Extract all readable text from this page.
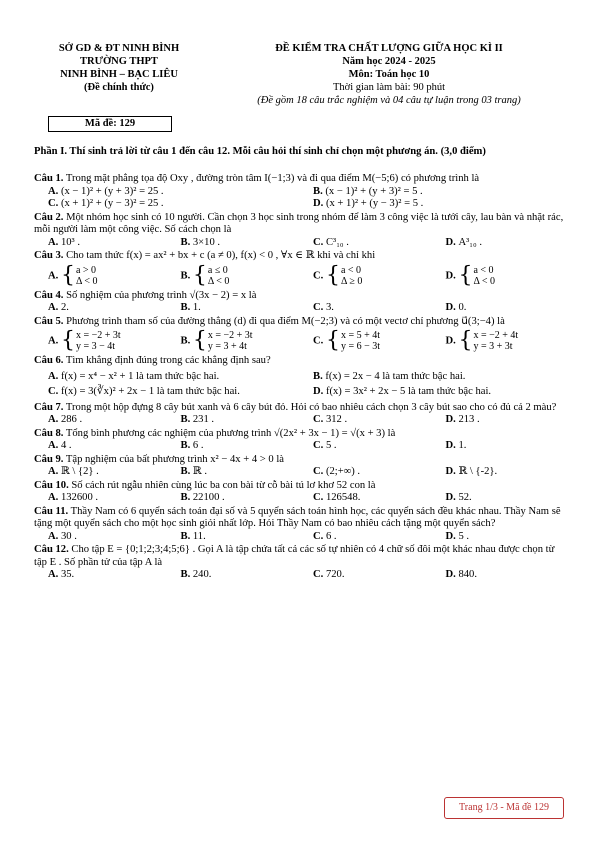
SỞ GD & ĐT NINH BÌNH
TRƯỜNG THPT
NINH BÌNH – BẠC LIÊU
(Đề chính thức)
ĐỀ KIỂM TRA CHẤT LƯỢNG GIỮA HỌC KÌ II
Năm học 2024 - 2025
Môn: Toán học 10
Thời gian làm bài: 90 phút
(Đề gồm 18 câu trắc nghiệm và 04 câu tự luận trong 03 trang)
Mã đề: 129
Phần I. Thí sinh trả lời từ câu 1 đến câu 12. Mỗi câu hỏi thí sinh chỉ chọn một phương án. (3,0 điểm)
Câu 1. Trong mặt phẳng tọa độ Oxy , đường tròn tâm I(−1;3) và đi qua điểm M(−5;6) có phương trình là
A. (x − 1)² + (y + 3)² = 25 .	B. (x − 1)² + (y + 3)² = 5 .
C. (x + 1)² + (y − 3)² = 25 .	D. (x + 1)² + (y − 3)² = 5 .
Câu 2. Một nhóm học sinh có 10 người. Cần chọn 3 học sinh trong nhóm để làm 3 công việc là tưới cây, lau bàn và nhặt rác, mỗi người làm một công việc. Số cách chọn là
A. 10³ .	B. 3×10 .	C. C³₁₀ .	D. A³₁₀ .
Câu 3. Cho tam thức f(x) = ax² + bx + c (a ≠ 0), f(x) < 0 , ∀x ∈ ℝ khi và chỉ khi
A. { a > 0
Δ < 0
B. { a ≤ 0
Δ < 0
C. { a < 0
Δ ≥ 0
D. { a < 0
Δ < 0
Câu 4. Số nghiệm của phương trình √(3x − 2) = x là
A. 2.	B. 1.	C. 3.	D. 0.
Câu 5. Phương trình tham số của đường thẳng (d) đi qua điểm M(−2;3) và có một vectơ chỉ phương u⃗(3;−4) là
A. { x = −2 + 3t
y = 3 − 4t
B. { x = −2 + 3t
y = 3 + 4t
C. { x = 5 + 4t
y = 6 − 3t
D. { x = −2 + 4t
y = 3 + 3t
Câu 6. Tìm khẳng định đúng trong các khẳng định sau?
A. f(x) = x⁴ − x² + 1 là tam thức bậc hai.	B. f(x) = 2x − 4 là tam thức bậc hai.
C. f(x) = 3(∛x)² + 2x − 1 là tam thức bậc hai.	D. f(x) = 3x² + 2x − 5 là tam thức bậc hai.
Câu 7. Trong một hộp đựng 8 cây bút xanh và 6 cây bút đỏ. Hỏi có bao nhiêu cách chọn 3 cây bút sao cho có đủ cả 2 màu?
A. 286 .	B. 231 .	C. 312 .	D. 213 .
Câu 8. Tổng bình phương các nghiệm của phương trình √(2x² + 3x − 1) = √(x + 3) là
A. 4 .	B. 6 .	C. 5 .	D. 1.
Câu 9. Tập nghiệm của bất phương trình x² − 4x + 4 > 0 là
A. ℝ \ {2} .	B. ℝ .	C. (2;+∞) .	D. ℝ \ {-2}.
Câu 10. Số cách rút ngẫu nhiên cùng lúc ba con bài từ cỗ bài tú lơ khơ 52 con là
A. 132600 .	B. 22100 .	C. 126548.	D. 52.
Câu 11. Thầy Nam có 6 quyển sách toán đại số và 5 quyển sách toán hình học, các quyển sách đều khác nhau. Thầy Nam sẽ tặng một quyển sách cho một học sinh giỏi nhất lớp. Hỏi Thầy Nam có bao nhiêu cách tặng một quyển sách?
A. 30 .	B. 11.	C. 6 .	D. 5 .
Câu 12. Cho tập E = {0;1;2;3;4;5;6} . Gọi A là tập chứa tất cả các số tự nhiên có 4 chữ số đôi một khác nhau được chọn từ tập E . Số phần tử của tập A là
A. 35.	B. 240.	C. 720.	D. 840.
Trang 1/3 - Mã đề 129
